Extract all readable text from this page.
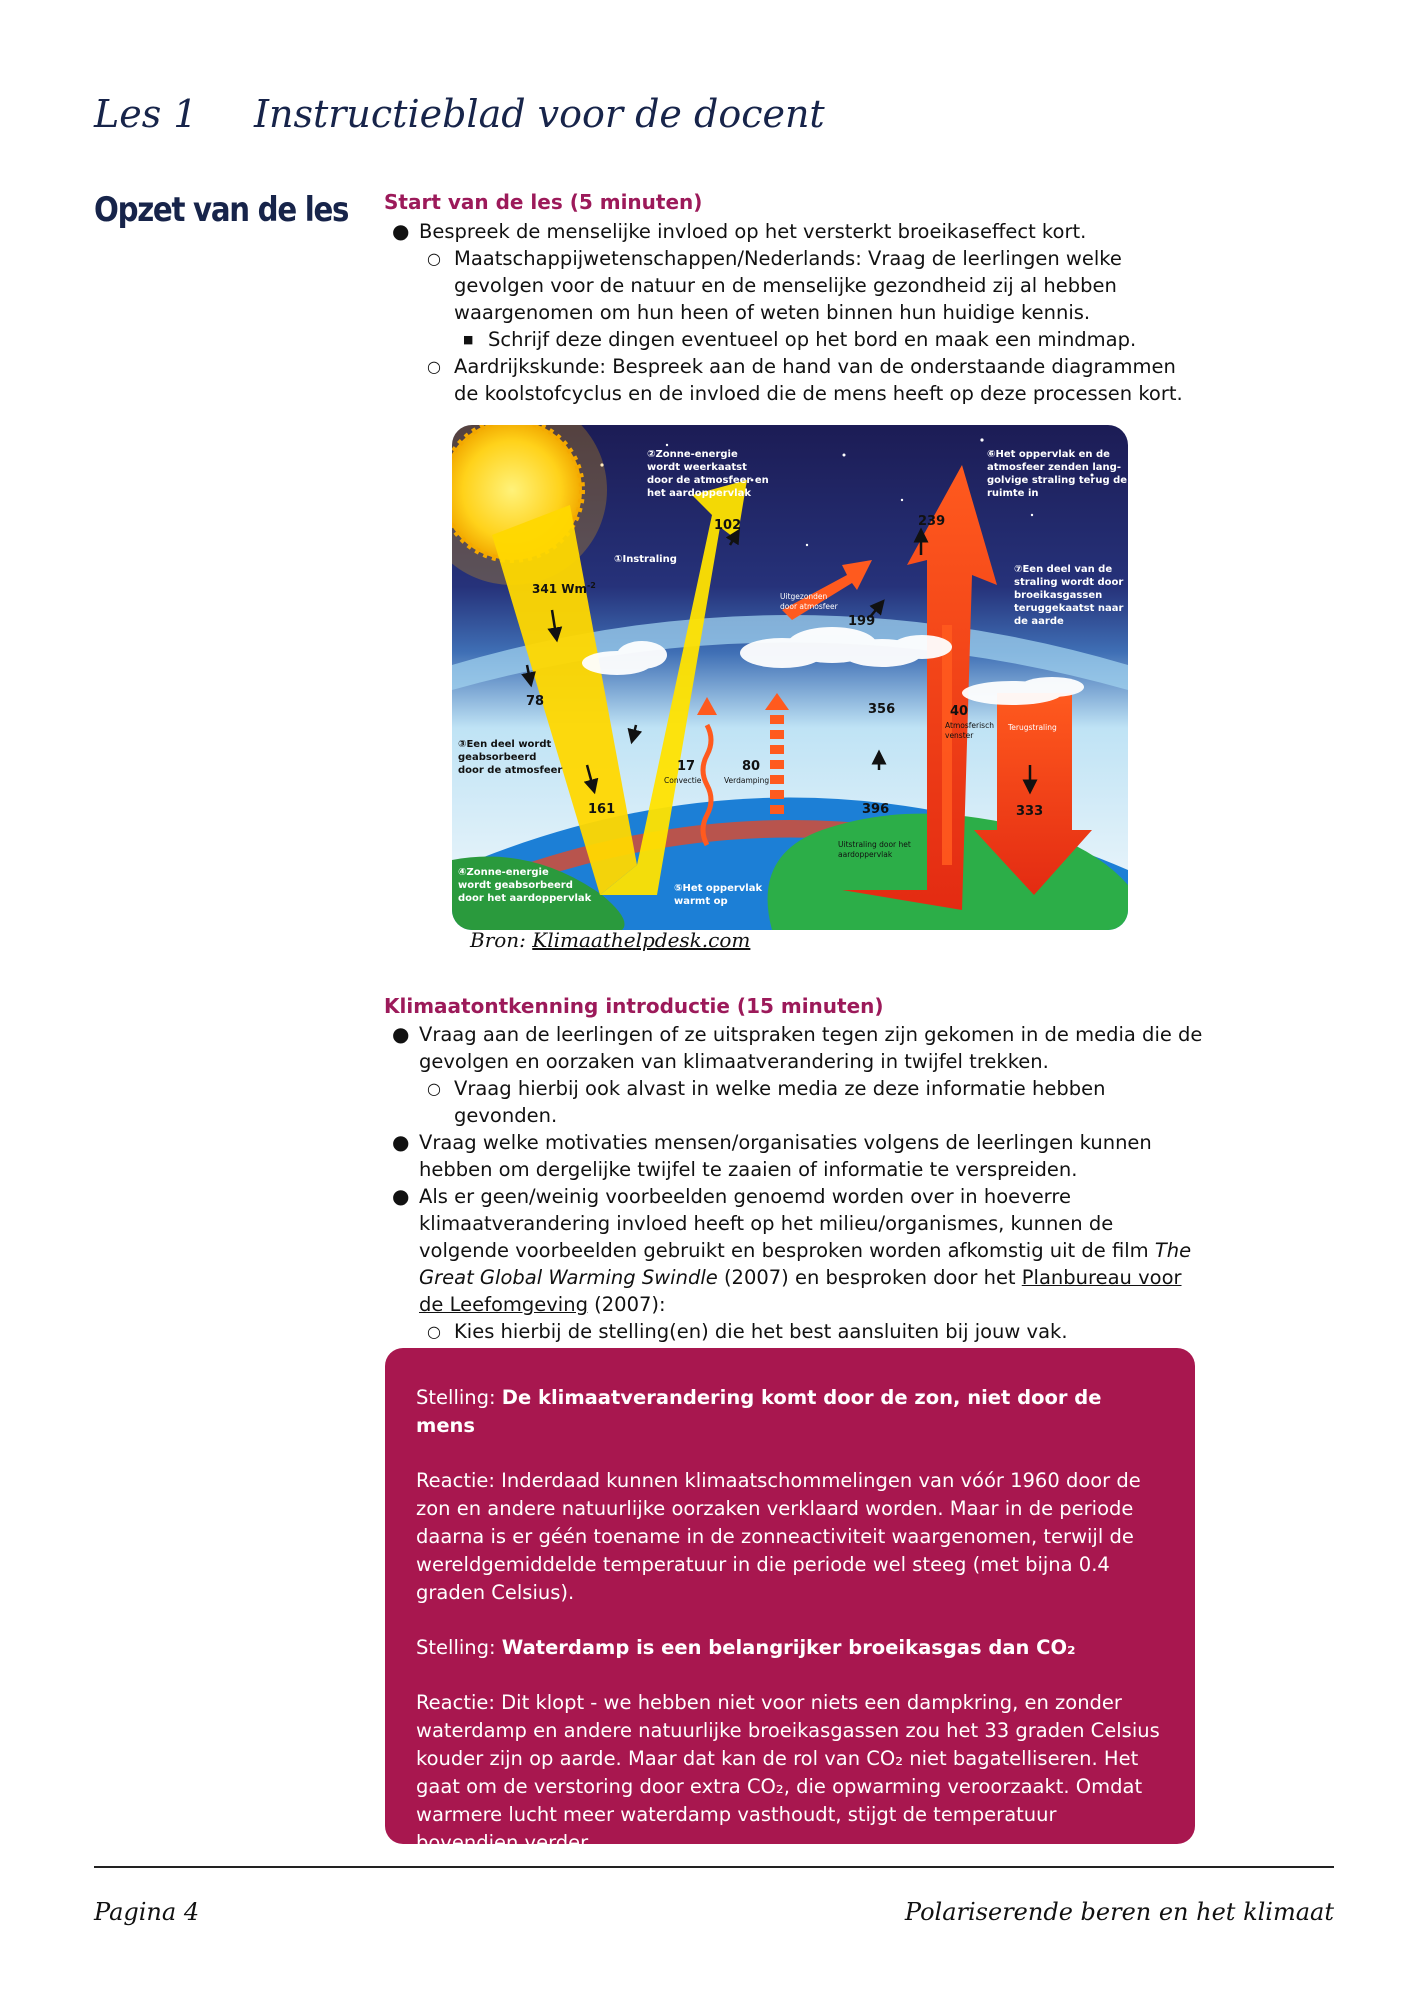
Les 1 Instructieblad voor de docent
Opzet van de les Start van de les (5 minuten)
● Bespreek de menselijke invloed op het versterkt broeikaseffect kort.
○ Maatschappijwetenschappen/Nederlands: Vraag de leerlingen welke gevolgen voor de natuur en de menselijke gezondheid zij al hebben waargenomen om hun heen of weten binnen hun huidige kennis.
■ Schrijf deze dingen eventueel op het bord en maak een mindmap.
○ Aardrijkskunde: Bespreek aan de hand van de onderstaande diagrammen de koolstofcyclus en de invloed die de mens heeft op deze processen kort.
341 $Wm^{-2}$
102	239
199
78
161
17	80
356	40
396	333
①Instraling
②Zonne-energie wordt weerkaatst door de atmosfeer en het aardoppervlak
③Een deel wordt geabsorbeerd door de atmosfeer
④Zonne-energie wordt geabsorbeerd door het aardoppervlak
⑤Het oppervlak warmt op
⑥Het oppervlak en de atmosfeer zenden lang- golvige straling terug de ruimte in
⑦Een deel van de straling wordt door broeikasgassen teruggekaatst naar de aarde
Uitgezonden door atmosfeer
Convectie	Verdamping
Atmosferisch venster
Terugstraling
Uitstraling door het aardoppervlak
Bron: Klimaathelpdesk.com
Klimaatontkenning introductie (15 minuten)
● Vraag aan de leerlingen of ze uitspraken tegen zijn gekomen in de media die de gevolgen en oorzaken van klimaatverandering in twijfel trekken.
○ Vraag hierbij ook alvast in welke media ze deze informatie hebben gevonden.
● Vraag welke motivaties mensen/organisaties volgens de leerlingen kunnen hebben om dergelijke twijfel te zaaien of informatie te verspreiden.
● Als er geen/weinig voorbeelden genoemd worden over in hoeverre klimaatverandering invloed heeft op het milieu/organismes, kunnen de volgende voorbeelden gebruikt en besproken worden afkomstig uit de film The Great Global Warming Swindle (2007) en besproken door het Planbureau voor de Leefomgeving (2007):
○ Kies hierbij de stelling(en) die het best aansluiten bij jouw vak.
Stelling: De klimaatverandering komt door de zon, niet door de mens
Reactie: Inderdaad kunnen klimaatschommelingen van vóór 1960 door de zon en andere natuurlijke oorzaken verklaard worden. Maar in de periode daarna is er géén toename in de zonneactiviteit waargenomen, terwijl de wereldgemiddelde temperatuur in die periode wel steeg (met bijna 0.4 graden Celsius).
Stelling: Waterdamp is een belangrijker broeikasgas dan CO₂
Reactie: Dit klopt - we hebben niet voor niets een dampkring, en zonder waterdamp en andere natuurlijke broeikasgassen zou het 33 graden Celsius kouder zijn op aarde. Maar dat kan de rol van CO₂ niet bagatelliseren. Het gaat om de verstoring door extra CO₂, die opwarming veroorzaakt. Omdat warmere lucht meer waterdamp vasthoudt, stijgt de temperatuur bovendien verder.
Pagina 4	Polariserende beren en het klimaat
